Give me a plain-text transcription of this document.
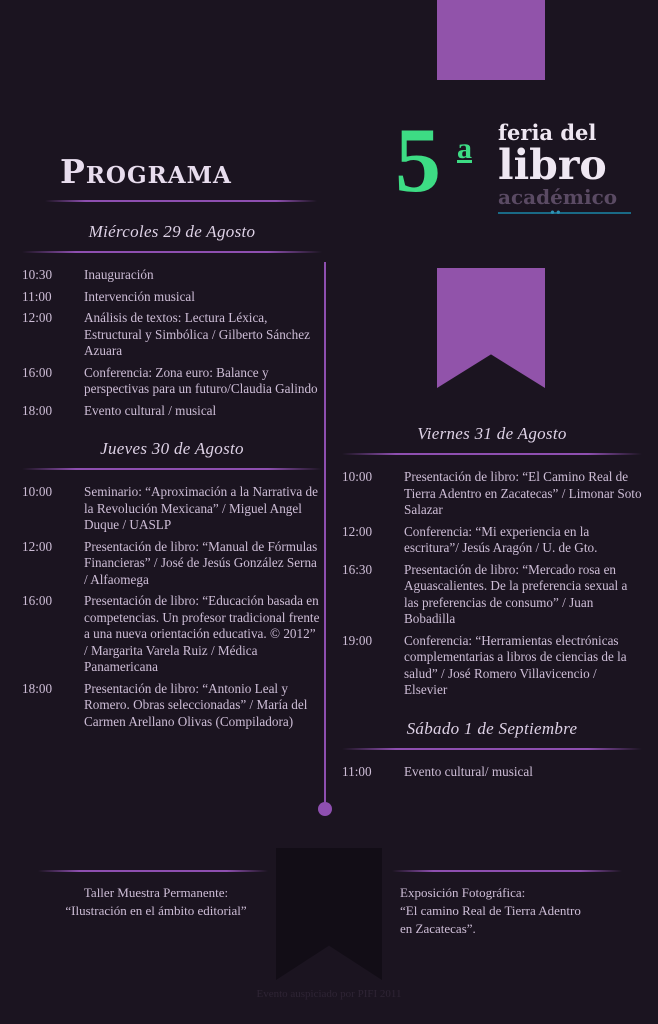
5 a feria del
libro
académico
••
Programa
Miércoles 29 de Agosto
10:30	Inauguración
11:00	Intervención musical
12:00	Análisis de textos: Lectura Léxica, Estructural y Simbólica / Gilberto Sánchez Azuara
16:00	Conferencia: Zona euro: Balance y perspectivas para un futuro/Claudia Galindo
18:00	Evento cultural / musical
Jueves 30 de Agosto
10:00	Seminario: “Aproximación a la Narrativa de la Revolución Mexicana” / Miguel Angel Duque / UASLP
12:00	Presentación de libro: “Manual de Fórmulas Financieras” / José de Jesús González Serna / Alfaomega
16:00	Presentación de libro: “Educación basada en competencias. Un profesor tradicional frente a una nueva orientación educativa. © 2012” / Margarita Varela Ruiz / Médica Panamericana
18:00	Presentación de libro: “Antonio Leal y Romero. Obras seleccionadas” / María del Carmen Arellano Olivas (Compiladora)
Viernes 31 de Agosto
10:00	Presentación de libro: “El Camino Real de Tierra Adentro en Zacatecas” / Limonar Soto Salazar
12:00	Conferencia: “Mi experiencia en la escritura”/ Jesús Aragón / U. de Gto.
16:30	Presentación de libro: “Mercado rosa en Aguascalientes. De la preferencia sexual a las preferencias de consumo” / Juan Bobadilla
19:00	Conferencia: “Herramientas electrónicas complementarias a libros de ciencias de la salud” / José Romero Villavicencio / Elsevier
Sábado 1 de Septiembre
11:00	Evento cultural/ musical
Taller Muestra Permanente:
“Ilustración en el ámbito editorial”
Exposición Fotográfica:
“El camino Real de Tierra Adentro
en Zacatecas”.
Evento auspiciado por PIFI 2011
